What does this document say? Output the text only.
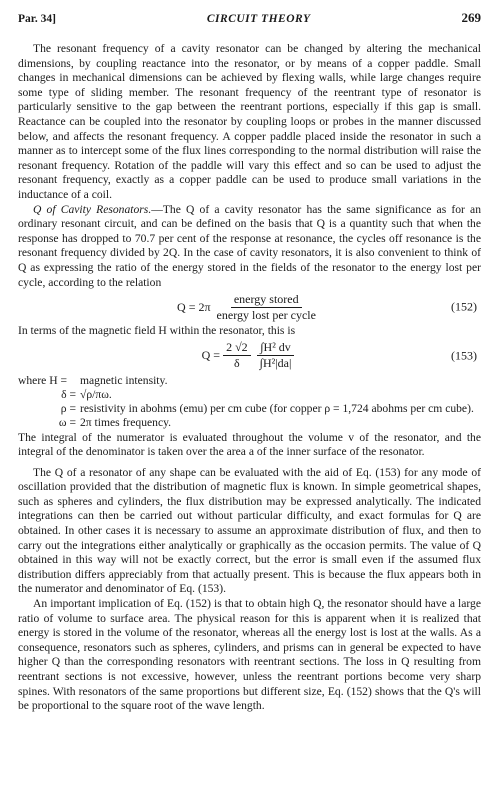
Par. 34]	CIRCUIT THEORY	269

The resonant frequency of a cavity resonator can be changed by altering the mechanical dimensions, by coupling reactance into the resonator, or by means of a copper paddle. Small changes in mechanical dimensions can be achieved by flexing walls, while large changes require some type of sliding member. The resonant frequency of the reentrant type of resonator is particularly sensitive to the gap between the reentrant portions, especially if this gap is small. Reactance can be coupled into the resonator by coupling loops or probes in the manner discussed below, and affects the resonant frequency. A copper paddle placed inside the resonator in such a manner as to intercept some of the flux lines corresponding to the normal distribution will raise the resonant frequency. Rotation of the paddle will vary this effect and so can be used to adjust the resonant frequency, exactly as a copper paddle can be used to produce small variations in the inductance of a coil.

Q of Cavity Resonators.—The Q of a cavity resonator has the same significance as for an ordinary resonant circuit, and can be defined on the basis that Q is a quantity such that when the response has dropped to 70.7 per cent of the response at resonance, the cycles off resonance is the resonant frequency divided by 2Q. In the case of cavity resonators, it is also convenient to think of Q as expressing the ratio of the energy stored in the fields of the resonator to the energy lost per cycle, according to the relation

$Q = 2\pi \frac{\text{energy stored}}{\text{energy lost per cycle}}$	(152)

In terms of the magnetic field H within the resonator, this is

$Q = \frac{2 √2}{\delta} \frac{\text{∫H² dv}}{\text{∫H²|da|}}$	(153)
where H =	magnetic intensity.
δ = √ρ/πω.
ρ = resistivity in abohms (emu) per cm cube (for copper ρ = 1,724 abohms per cm cube).
ω = 2π times frequency.

The integral of the numerator is evaluated throughout the volume v of the resonator, and the integral of the denominator is taken over the area a of the inner surface of the resonator.

The Q of a resonator of any shape can be evaluated with the aid of Eq. (153) for any mode of oscillation provided that the distribution of magnetic flux is known. In simple geometrical shapes, such as spheres and cylinders, the flux distribution may be expressed analytically. The indicated integrations can then be carried out without particular difficulty, and exact formulas for Q are obtained. In other cases it is necessary to assume an approximate distribution of flux, and then to carry out the integrations either analytically or graphically as the occasion permits. The value of Q obtained in this way will not be exactly correct, but the error is small even if the assumed flux distribution differs appreciably from that actually present. This is because the flux appears both in the numerator and denominator of Eq. (153).

An important implication of Eq. (152) is that to obtain high Q, the resonator should have a large ratio of volume to surface area. The physical reason for this is apparent when it is realized that energy is stored in the volume of the resonator, whereas all the energy lost is lost at the walls. As a consequence, resonators such as spheres, cylinders, and prisms can in general be expected to have higher Q than the corresponding resonators with reentrant sections. The loss in Q resulting from reentrant sections is not excessive, however, unless the reentrant portions become very sharp spines. With resonators of the same proportions but different size, Eq. (152) shows that the Q's will be proportional to the square root of the wave length.
